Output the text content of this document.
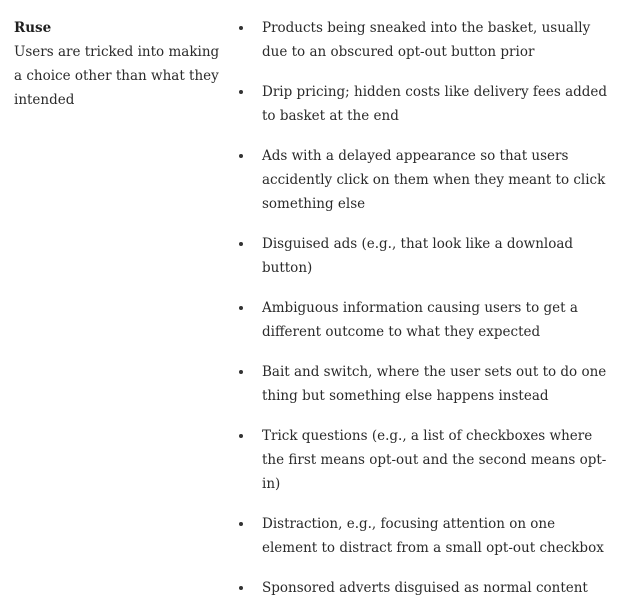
Ruse
Users are tricked into making a choice other than what they intended
Products being sneaked into the basket, usually due to an obscured opt-out button prior
Drip pricing; hidden costs like delivery fees added to basket at the end
Ads with a delayed appearance so that users accidently click on them when they meant to click something else
Disguised ads (e.g., that look like a download button)
Ambiguous information causing users to get a different outcome to what they expected
Bait and switch, where the user sets out to do one thing but something else happens instead
Trick questions (e.g., a list of checkboxes where the first means opt-out and the second means opt-in)
Distraction, e.g., focusing attention on one element to distract from a small opt-out checkbox
Sponsored adverts disguised as normal content
